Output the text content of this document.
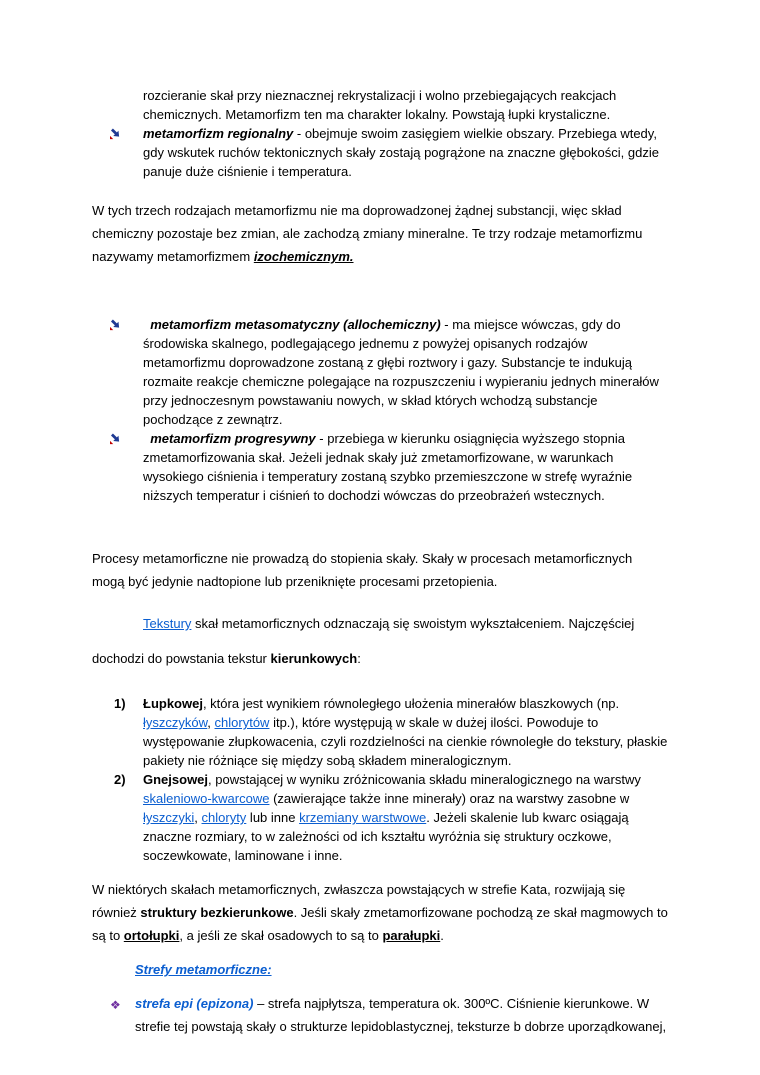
rozcieranie skał przy nieznacznej rekrystalizacji i wolno przebiegających reakcjach chemicznych. Metamorfizm ten ma charakter lokalny. Powstają łupki krystaliczne.
metamorfizm regionalny - obejmuje swoim zasięgiem wielkie obszary. Przebiega wtedy, gdy wskutek ruchów tektonicznych skały zostają pogrążone na znaczne głębokości, gdzie panuje duże ciśnienie i temperatura.
W tych trzech rodzajach metamorfizmu nie ma doprowadzonej żądnej substancji, więc skład chemiczny pozostaje bez zmian, ale zachodzą zmiany mineralne. Te trzy rodzaje metamorfizmu nazywamy metamorfizmem izochemicznym.
metamorfizm metasomatyczny (allochemiczny) - ma miejsce wówczas, gdy do środowiska skalnego, podlegającego jednemu z powyżej opisanych rodzajów metamorfizmu doprowadzone zostaną z głębi roztwory i gazy. Substancje te indukują rozmaite reakcje chemiczne polegające na rozpuszczeniu i wypieraniu jednych minerałów przy jednoczesnym powstawaniu nowych, w skład których wchodzą substancje pochodzące z zewnątrz.
metamorfizm progresywny - przebiega w kierunku osiągnięcia wyższego stopnia zmetamorfizowania skał. Jeżeli jednak skały już zmetamorfizowane, w warunkach wysokiego ciśnienia i temperatury zostaną szybko przemieszczone w strefę wyraźnie niższych temperatur i ciśnień to dochodzi wówczas do przeobrażeń wstecznych.
Procesy metamorficzne nie prowadzą do stopienia skały. Skały w procesach metamorficznych mogą być jedynie nadtopione lub przeniknięte procesami przetopienia.
Tekstury skał metamorficznych odznaczają się swoistym wykształceniem. Najczęściej dochodzi do powstania tekstur kierunkowych:
1) Łupkowej, która jest wynikiem równoległego ułożenia minerałów blaszkowych (np. łyszczyków, chlorytów itp.), które występują w skale w dużej ilości. Powoduje to występowanie złupkowacenia, czyli rozdzielności na cienkie równoległe do tekstury, płaskie pakiety nie różniące się między sobą składem mineralogicznym.
2) Gnejsowej, powstającej w wyniku zróżnicowania składu mineralogicznego na warstwy skaleniowo-kwarcowe (zawierające także inne minerały) oraz na warstwy zasobne w łyszczyki, chloryty lub inne krzemiany warstwowe. Jeżeli skalenie lub kwarc osiągają znaczne rozmiary, to w zależności od ich kształtu wyróżnia się struktury oczkowe, soczewkowate, laminowane i inne.
W niektórych skałach metamorficznych, zwłaszcza powstających w strefie Kata, rozwijają się również struktury bezkierunkowe. Jeśli skały zmetamorfizowane pochodzą ze skał magmowych to są to ortołupki, a jeśli ze skał osadowych to są to parałupki.
Strefy metamorficzne:
❖ strefa epi (epizona) – strefa najpłytsza, temperatura ok. 300ºC. Ciśnienie kierunkowe. W strefie tej powstają skały o strukturze lepidoblastycznej, teksturze b dobrze uporządkowanej,
